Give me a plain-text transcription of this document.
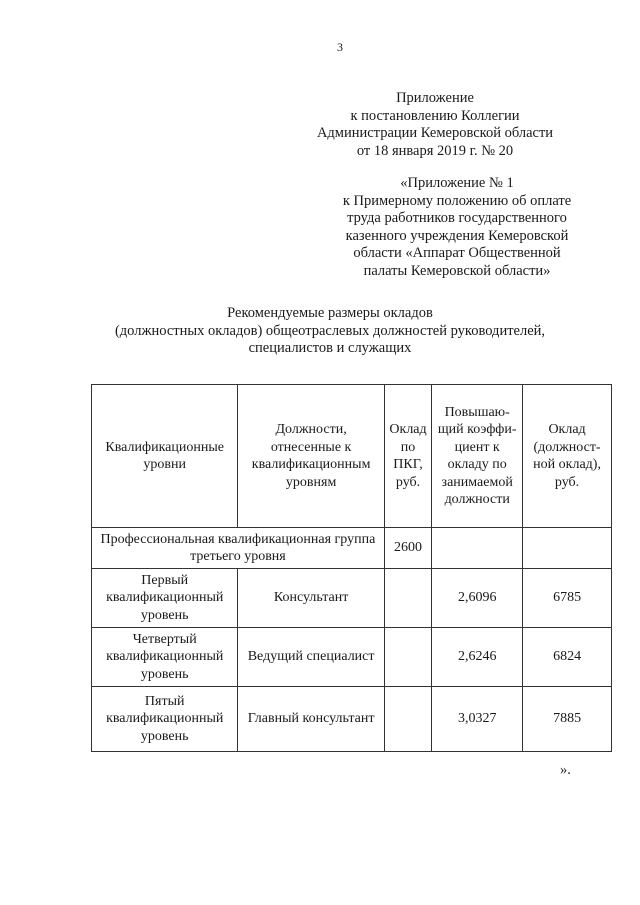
3
Приложение
к постановлению Коллегии
Администрации Кемеровской области
от 18 января 2019 г. № 20
«Приложение № 1
к Примерному положению об оплате
труда работников государственного
казенного учреждения Кемеровской
области «Аппарат Общественной
палаты Кемеровской области»
Рекомендуемые размеры окладов
(должностных окладов) общеотраслевых должностей руководителей,
специалистов и служащих
Квалификационные уровни	Должности, отнесенные к квалификационным уровням	Оклад по ПКГ, руб.	Повышаю-щий коэффи-циент к окладу по занимаемой должности	Оклад (должност-ной оклад), руб.
Профессиональная квалификационная группа третьего уровня		2600		
Первый квалификационный уровень	Консультант		2,6096	6785
Четвертый квалификационный уровень	Ведущий специалист		2,6246	6824
Пятый квалификационный уровень	Главный консультант		3,0327	7885
».
